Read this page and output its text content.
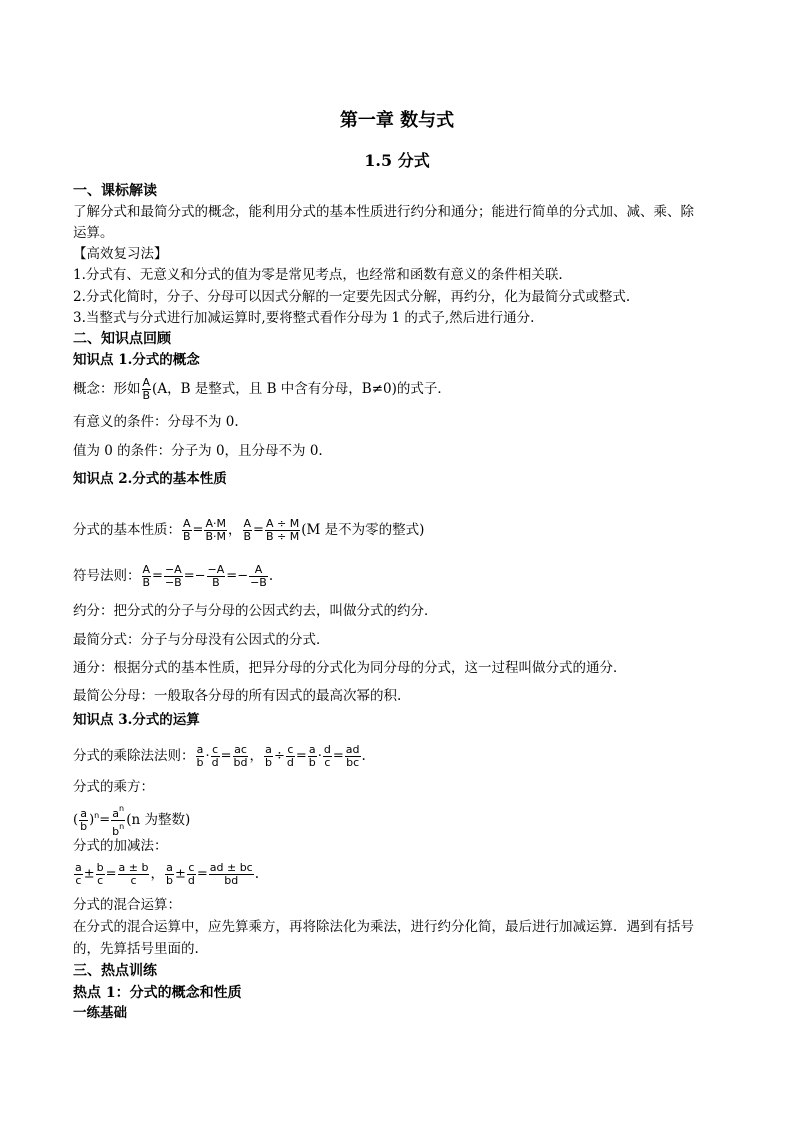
第一章 数与式
1.5 分式
一、课标解读
了解分式和最简分式的概念，能利用分式的基本性质进行约分和通分；能进行简单的分式加、减、乘、除
运算。
【高效复习法】
1.分式有、无意义和分式的值为零是常见考点，也经常和函数有意义的条件相关联.
2.分式化简时，分子、分母可以因式分解的一定要先因式分解，再约分，化为最简分式或整式.
3.当整式与分式进行加减运算时,要将整式看作分母为 1 的式子,然后进行通分.
二、知识点回顾
知识点 1.分式的概念
概念：形如 $\frac{A}{B} (A$，B 是整式，且 B 中含有分母，B≠0)的式子．
有意义的条件：分母不为 0.
值为 0 的条件：分子为 0，且分母不为 0.
知识点 2.分式的基本性质
分式的基本性质： $\frac{A}{B} = \frac{A\cdot M}{B\cdot M}$ ， $\frac{A}{B} = \frac{A \div M}{B \div M} (M$ 是不为零的整式)
符号法则： $\frac{A}{B} = \frac{-A}{-B} =- \frac{-A}{B} =- \frac{A}{-B}$ .
约分：把分式的分子与分母的公因式约去，叫做分式的约分．
最简分式：分子与分母没有公因式的分式．
通分：根据分式的基本性质，把异分母的分式化为同分母的分式，这一过程叫做分式的通分．
最简公分母：一般取各分母的所有因式的最高次幂的积.
知识点 3.分式的运算
分式的乘除法法则： $\frac{a}{b} \cdot \frac{c}{d} = \frac{ac}{bd}$ ， $\frac{a}{b} \div \frac{c}{d} = \frac{a}{b} \cdot \frac{d}{c} = \frac{ad}{bc}$ .
分式的乘方：
( $\frac{a}{b} )^n= \frac{a^n}{b^n} (n$ 为整数)
分式的加减法：
$\frac{a}{c} \pm \frac{b}{c} = \frac{a \pm b}{c}$ ， $\frac{a}{b} \pm \frac{c}{d} = \frac{ad \pm bc}{bd}$ .
分式的混合运算：
在分式的混合运算中，应先算乘方，再将除法化为乘法，进行约分化简，最后进行加减运算．遇到有括号
的，先算括号里面的.
三、热点训练
热点 1：分式的概念和性质
一练基础
